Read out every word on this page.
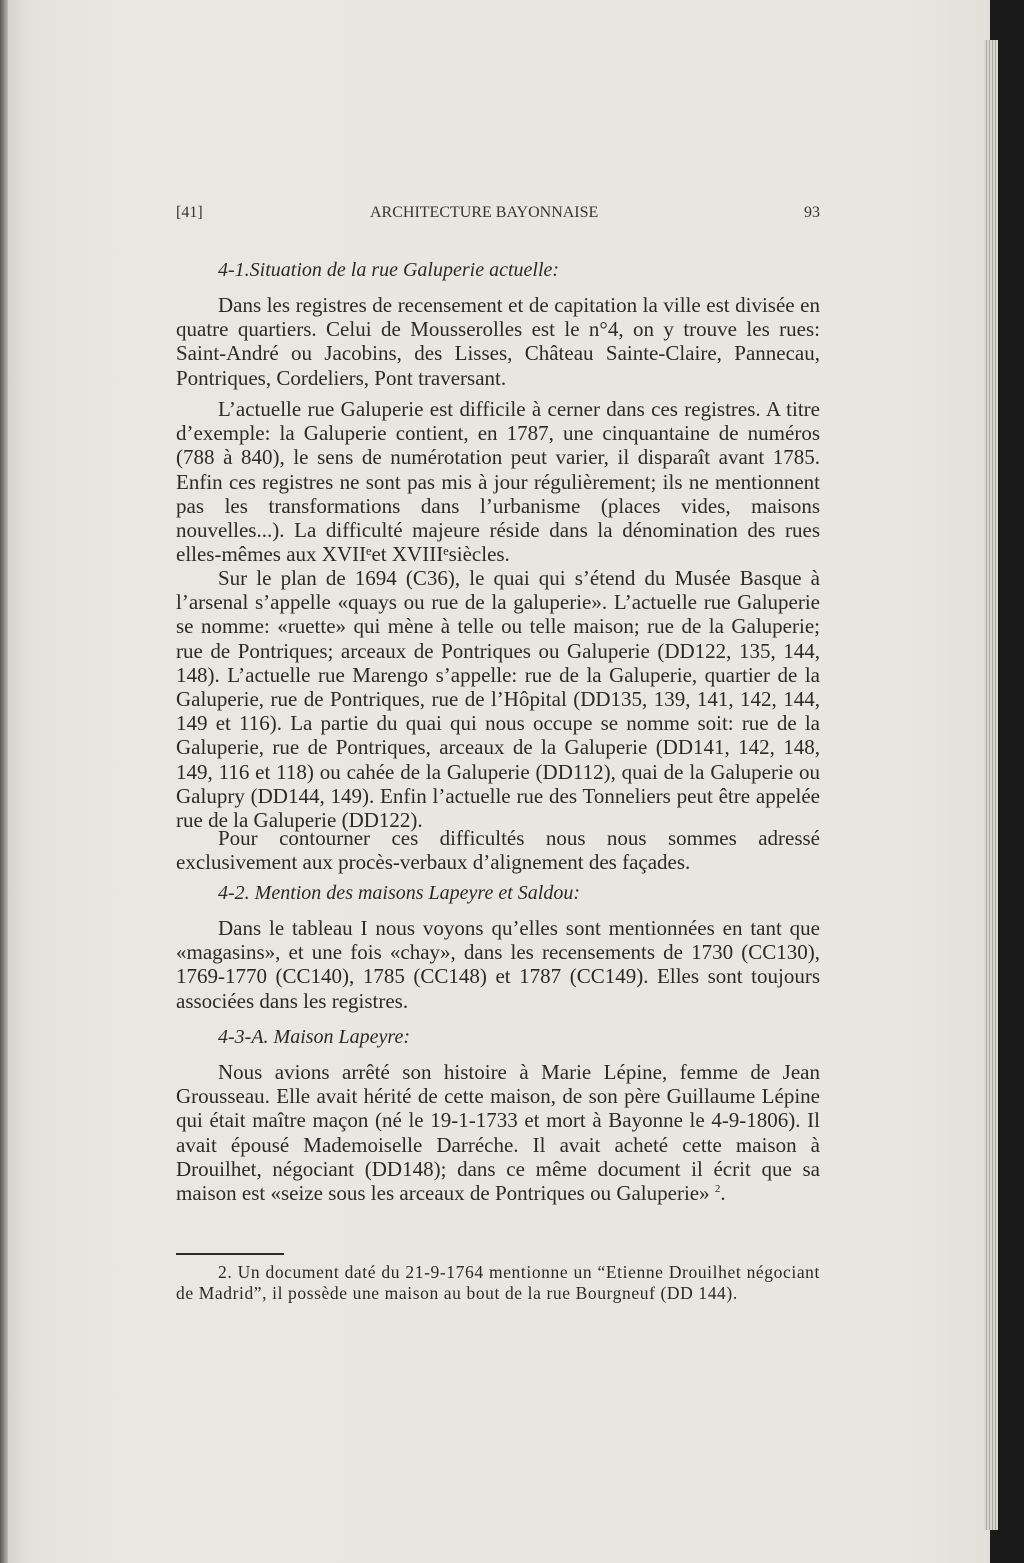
[41]	ARCHITECTURE BAYONNAISE	93
4-1.Situation de la rue Galuperie actuelle:
Dans les registres de recensement et de capitation la ville est divisée en quatre quartiers. Celui de Mousserolles est le n°4, on y trouve les rues: Saint-André ou Jacobins, des Lisses, Château Sainte-Claire, Pannecau, Pontriques, Cordeliers, Pont traversant.
L’actuelle rue Galuperie est difficile à cerner dans ces registres. A titre d’exemple: la Galuperie contient, en 1787, une cinquantaine de numéros (788 à 840), le sens de numérotation peut varier, il disparaît avant 1785. Enfin ces registres ne sont pas mis à jour régulièrement; ils ne mentionnent pas les transformations dans l’urbanisme (places vides, maisons nouvelles...). La difficulté majeure réside dans la dénomination des rues elles-mêmes aux XVIIᵉet XVIIIᵉsiècles.
Sur le plan de 1694 (C36), le quai qui s’étend du Musée Basque à l’arsenal s’appelle «quays ou rue de la galuperie». L’actuelle rue Galuperie se nomme: «ruette» qui mène à telle ou telle maison; rue de la Galuperie; rue de Pontriques; arceaux de Pontriques ou Galuperie (DD122, 135, 144, 148). L’actuelle rue Marengo s’appelle: rue de la Galuperie, quartier de la Galuperie, rue de Pontriques, rue de l’Hôpital (DD135, 139, 141, 142, 144, 149 et 116). La partie du quai qui nous occupe se nomme soit: rue de la Galuperie, rue de Pontriques, arceaux de la Galuperie (DD141, 142, 148, 149, 116 et 118) ou cahée de la Galuperie (DD112), quai de la Galuperie ou Galupry (DD144, 149). Enfin l’actuelle rue des Tonneliers peut être appelée rue de la Galuperie (DD122).
Pour contourner ces difficultés nous nous sommes adressé exclusivement aux procès-verbaux d’alignement des façades.
4-2. Mention des maisons Lapeyre et Saldou:
Dans le tableau I nous voyons qu’elles sont mentionnées en tant que «magasins», et une fois «chay», dans les recensements de 1730 (CC130), 1769-1770 (CC140), 1785 (CC148) et 1787 (CC149). Elles sont toujours associées dans les registres.
4-3-A. Maison Lapeyre:
Nous avions arrêté son histoire à Marie Lépine, femme de Jean Grousseau. Elle avait hérité de cette maison, de son père Guillaume Lépine qui était maître maçon (né le 19-1-1733 et mort à Bayonne le 4-9-1806). Il avait épousé Mademoiselle Darréche. Il avait acheté cette maison à Drouilhet, négociant (DD148); dans ce même document il écrit que sa maison est «seize sous les arceaux de Pontriques ou Galuperie» $^2$.
2. Un document daté du 21-9-1764 mentionne un “Etienne Drouilhet négociant de Madrid”, il possède une maison au bout de la rue Bourgneuf (DD 144).
